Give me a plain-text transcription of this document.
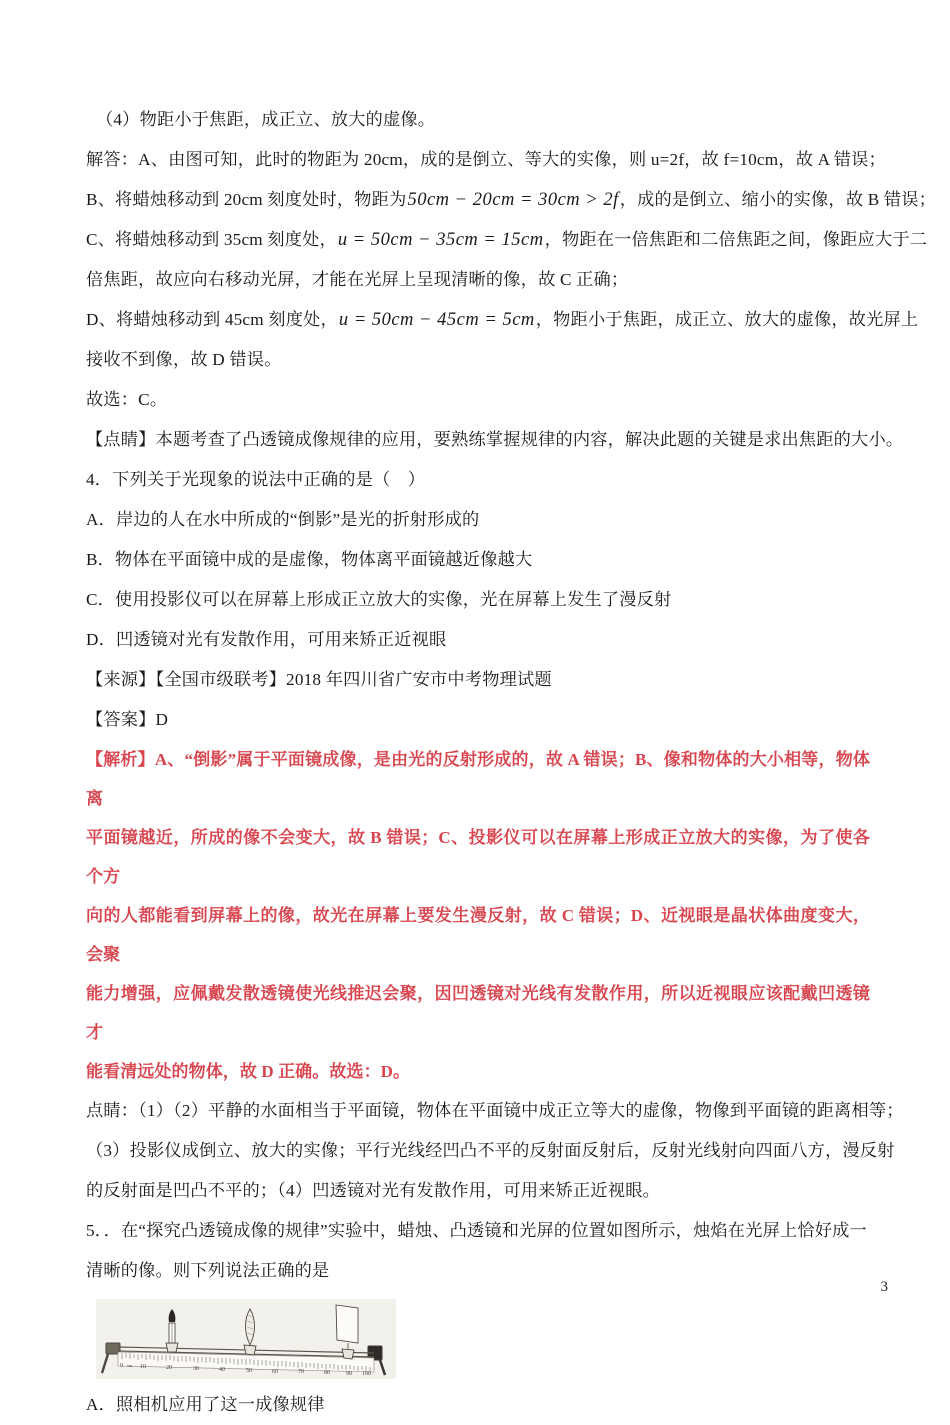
（4）物距小于焦距，成正立、放大的虚像。

解答：A、由图可知，此时的物距为 20cm，成的是倒立、等大的实像，则 u=2f，故 f=10cm，故 A 错误；

B、将蜡烛移动到 20cm 刻度处时，物距为50cm − 20cm = 30cm > 2f，成的是倒立、缩小的实像，故 B 错误；

C、将蜡烛移动到 35cm 刻度处，u = 50cm − 35cm = 15cm，物距在一倍焦距和二倍焦距之间，像距应大于二

倍焦距，故应向右移动光屏，才能在光屏上呈现清晰的像，故 C 正确；

D、将蜡烛移动到 45cm 刻度处，u = 50cm − 45cm = 5cm，物距小于焦距，成正立、放大的虚像，故光屏上

接收不到像，故 D 错误。

故选：C。

【点睛】本题考查了凸透镜成像规律的应用，要熟练掌握规律的内容，解决此题的关键是求出焦距的大小。

4．下列关于光现象的说法中正确的是（　）

A．岸边的人在水中所成的“倒影”是光的折射形成的

B．物体在平面镜中成的是虚像，物体离平面镜越近像越大

C．使用投影仪可以在屏幕上形成正立放大的实像，光在屏幕上发生了漫反射

D．凹透镜对光有发散作用，可用来矫正近视眼

【来源】【全国市级联考】2018 年四川省广安市中考物理试题

【答案】D

【解析】A、“倒影”属于平面镜成像，是由光的反射形成的，故 A 错误；B、像和物体的大小相等，物体离

平面镜越近，所成的像不会变大，故 B 错误；C、投影仪可以在屏幕上形成正立放大的实像，为了使各个方

向的人都能看到屏幕上的像，故光在屏幕上要发生漫反射，故 C 错误；D、近视眼是晶状体曲度变大，会聚

能力增强，应佩戴发散透镜使光线推迟会聚，因凹透镜对光线有发散作用，所以近视眼应该配戴凹透镜才

能看清远处的物体，故 D 正确。故选：D。

点睛：（1）（2）平静的水面相当于平面镜，物体在平面镜中成正立等大的虚像，物像到平面镜的距离相等；

（3）投影仪成倒立、放大的实像；平行光线经凹凸不平的反射面反射后，反射光线射向四面八方，漫反射

的反射面是凹凸不平的；（4）凹透镜对光有发散作用，可用来矫正近视眼。

5．．在“探究凸透镜成像的规律”实验中，蜡烛、凸透镜和光屏的位置如图所示，烛焰在光屏上恰好成一

清晰的像。则下列说法正确的是

0 cm 10	20	30	40	50	60	70	80	90 100

A．照相机应用了这一成像规律

3
